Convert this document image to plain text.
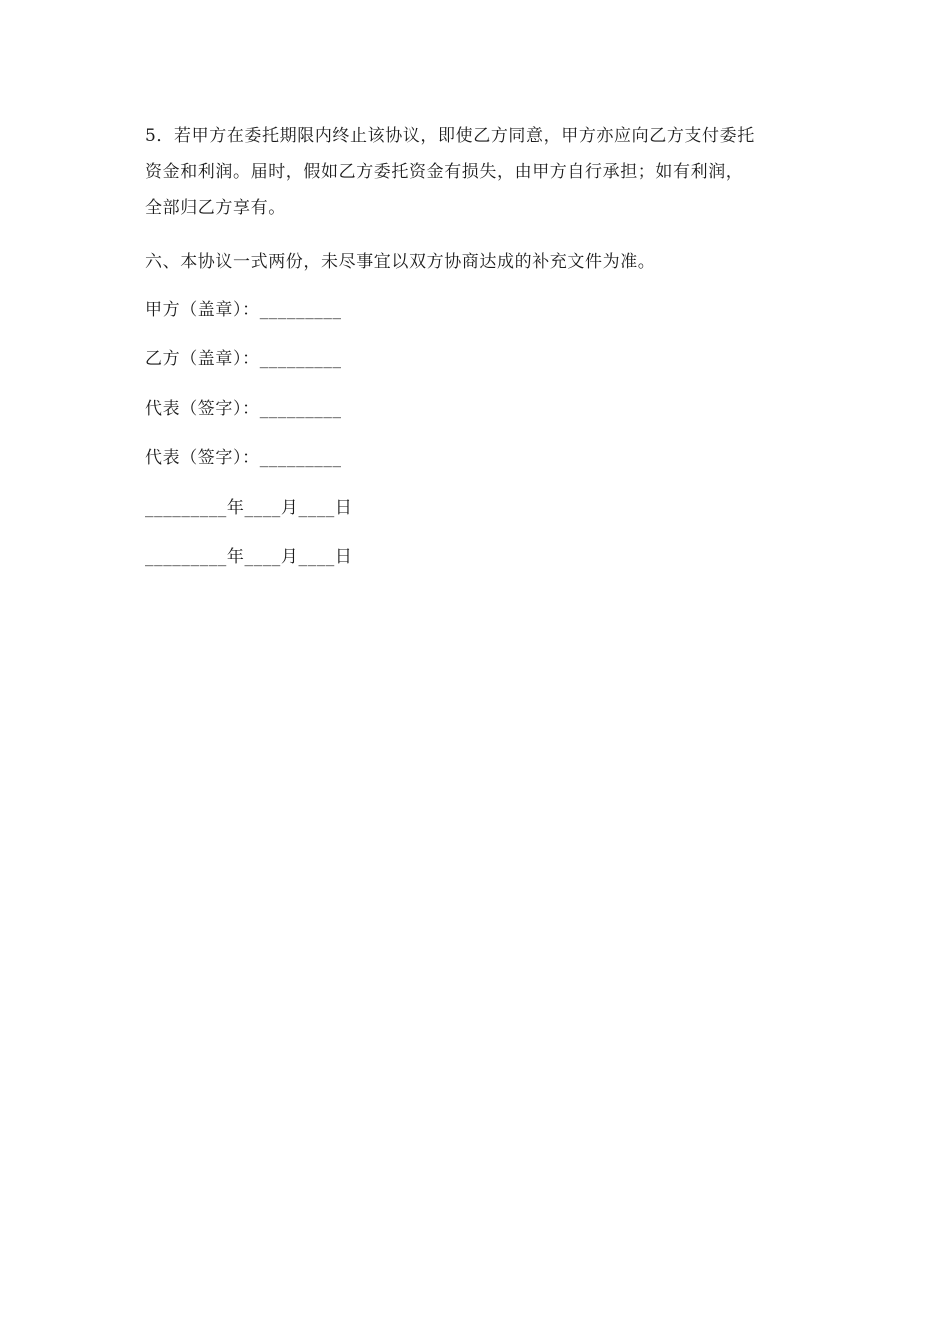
5．若甲方在委托期限内终止该协议，即使乙方同意，甲方亦应向乙方支付委托
资金和利润。届时，假如乙方委托资金有损失，由甲方自行承担；如有利润，
全部归乙方享有。
六、本协议一式两份，未尽事宜以双方协商达成的补充文件为准。
甲方（盖章）：_________
乙方（盖章）：_________
代表（签字）：_________
代表（签字）：_________
_________年____月____日
_________年____月____日
